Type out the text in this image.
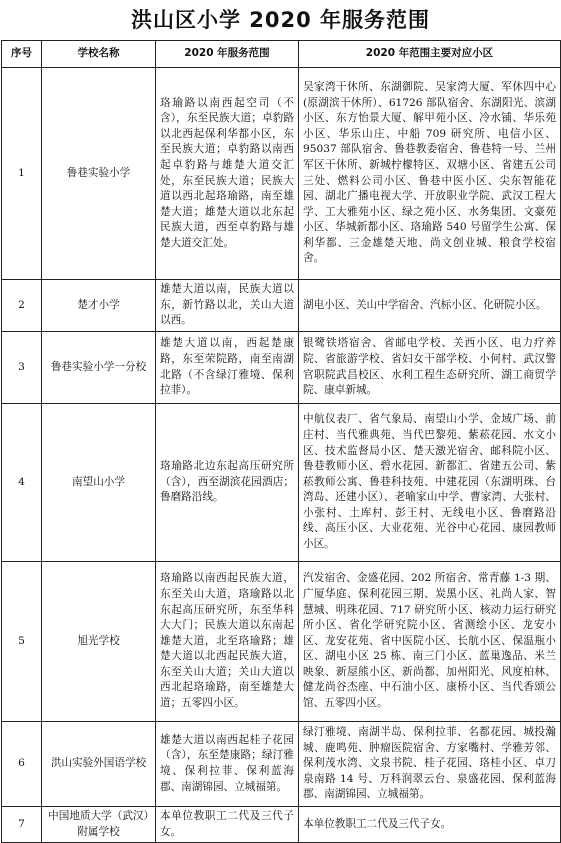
洪山区小学 2020 年服务范围
序号	学校名称	2020 年服务范围	2020 年范围主要对应小区
1	鲁巷实验小学	珞瑜路以南西起空司（不含），东至民族大道；卓豹路以北西起保利华都小区，东至民族大道；卓豹路以南西起卓豹路与雄楚大道交汇处，东至民族大道；民族大道以西北起珞瑜路，南至雄楚大道；雄楚大道以北东起民族大道，西至卓豹路与雄楚大道交汇处。	吴家湾干休所、东湖御院、吴家湾大厦、军休四中心(原湖滨干休所）、61726 部队宿舍、东湖阳光、滨湖小区、东方怡景大厦、解甲苑小区、冷水铺、华乐苑小区、华乐山庄、中船 709 研究所、电信小区、95037 部队宿舍、鲁巷教委宿舍、鲁巷特一号、兰州军区干休所、新城柠檬特区、双塘小区、省建五公司三处、燃料公司小区、鲁巷中医小区、尖东智能花园、湖北广播电视大学、开放职业学院、武汉工程大学、工大雅苑小区、绿之苑小区、水务集团、文豪苑小区、华城新都小区、珞瑜路 540 号留学生公寓、保利华都、三金雄楚天地、尚文创业城、粮食学校宿舍。
2	楚才小学	雄楚大道以南，民族大道以东，新竹路以北，关山大道以西。	湖电小区、关山中学宿舍、汽标小区、化研院小区。
3	鲁巷实验小学一分校	雄楚大道以南，西起楚康路，东至荣院路，南至南湖北路（不含绿汀雅境、保利拉菲）。	银鹭铁塔宿舍、省邮电学校、关西小区、电力疗养院、省旅游学校、省妇女干部学校、小何村、武汉警官职院武昌校区、水利工程生态研究所、湖工商贸学院、康卓新城。
4	南望山小学	珞瑜路北边东起高压研究所（含），西至湖滨花园酒店；鲁磨路沿线。	中航仪表厂、省气象局、南望山小学、金域广场、前庄村、当代雅典苑、当代巴黎苑、紫菘花园、水文小区、技术监督局小区、楚天激光宿舍、邮科院小区、鲁巷教师小区、碧水花园、新都汇、省建五公司、紫菘教师公寓、鲁巷科技苑、中建花园（东湖明珠、台湾岛、还建小区）、老喻家山中学、曹家湾、大张村、小张村、土库村、彭王村、无线电小区、鲁磨路沿线、高压小区、大业花苑、光谷中心花园、康园教师小区。
5	旭光学校	珞瑜路以南西起民族大道，东至关山大道，珞瑜路以北东起高压研究所，东至华科大大门；民族大道以东南起雄楚大道，北至珞瑜路；雄楚大道以北西起民族大道，东至关山大道；关山大道以西北起珞瑜路，南至雄楚大道；五零四小区。	汽发宿舍、金盛花园、202 所宿舍、常青藤 1-3 期、广厦华庭、保利花园三期、炭黑小区、礼尚人家、智慧城、明珠花园、717 研究所小区、核动力运行研究所小区、省化学研究院小区、省测绘小区、龙安小区、龙安花苑、省中医院小区、长航小区、保温瓶小区、湖电小区 25 栋、南三门小区、蓝巢逸品、米兰映象、新屋熊小区、新尚都、加州阳光、风度柏林、健龙尚谷杰座、中石油小区、康桥小区、当代香颂公馆、五零四小区。
6	洪山实验外国语学校	雄楚大道以南西起桂子花园（含），东至楚康路；绿汀雅境、保利拉菲、保利蓝海郡、南湖锦园、立城福第。	绿汀雅境、南湖半岛、保利拉菲、名都花园、城投瀚城、鹿鸣苑、肿瘤医院宿舍、方家嘴村、学雅芳邻、保利茂水湾、文泉书院、桂子花园、珞桂小区、卓刀泉南路 14 号、万科润翠云台、泉盛花园、保利蓝海郡、南湖锦园、立城福第。
7	中国地质大学（武汉）附属学校	本单位教职工二代及三代子女。	本单位教职工二代及三代子女。
